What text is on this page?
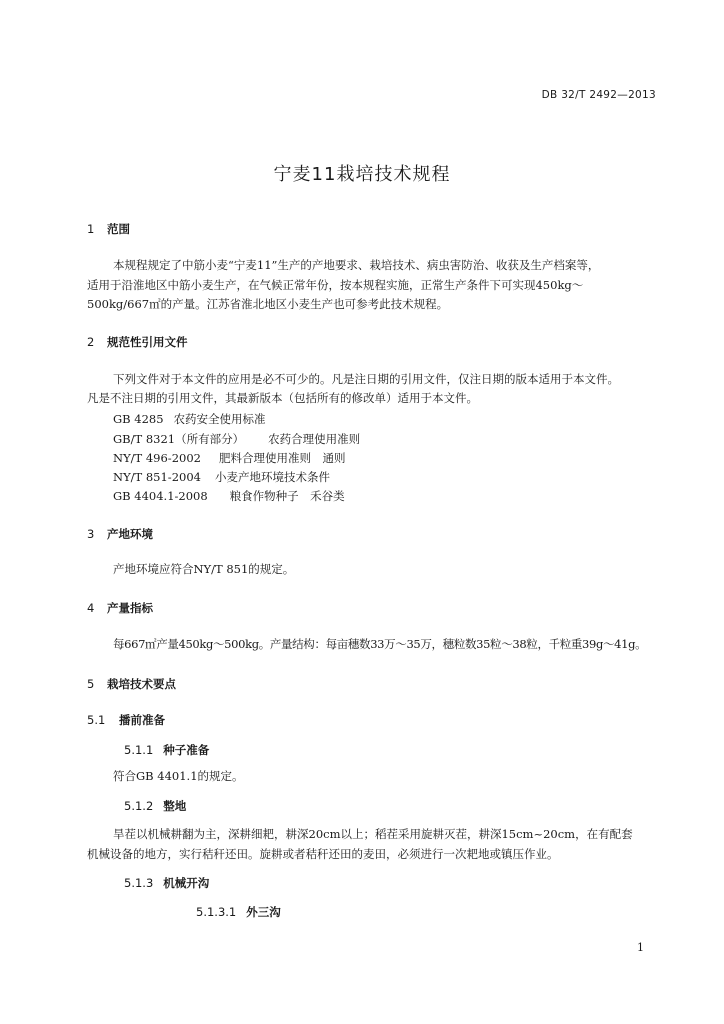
DB 32/T 2492—2013
宁麦11栽培技术规程
1 范围
本规程规定了中筋小麦“宁麦11”生产的产地要求、栽培技术、病虫害防治、收获及生产档案等，
适用于沿淮地区中筋小麦生产，在气候正常年份，按本规程实施，正常生产条件下可实现450kg～
500kg/667㎡的产量。江苏省淮北地区小麦生产也可参考此技术规程。
2 规范性引用文件
下列文件对于本文件的应用是必不可少的。凡是注日期的引用文件，仅注日期的版本适用于本文件。
凡是不注日期的引用文件，其最新版本（包括所有的修改单）适用于本文件。
GB 4285 农药安全使用标准
GB/T 8321（所有部分） 农药合理使用准则
NY/T 496-2002 肥料合理使用准则　通则
NY/T 851-2004 小麦产地环境技术条件
GB 4404.1-2008 粮食作物种子　禾谷类
3 产地环境
产地环境应符合NY/T 851的规定。
4 产量指标
每667㎡产量450kg～500kg。产量结构：每亩穗数33万～35万，穗粒数35粒～38粒，千粒重39g～41g。
5 栽培技术要点
5.1 播前准备
5.1.1 种子准备
符合GB 4401.1的规定。
5.1.2 整地
旱茬以机械耕翻为主，深耕细耙，耕深20cm以上；稻茬采用旋耕灭茬，耕深15cm~20cm，在有配套
机械设备的地方，实行秸秆还田。旋耕或者秸秆还田的麦田，必须进行一次耙地或镇压作业。
5.1.3 机械开沟
5.1.3.1 外三沟
1
